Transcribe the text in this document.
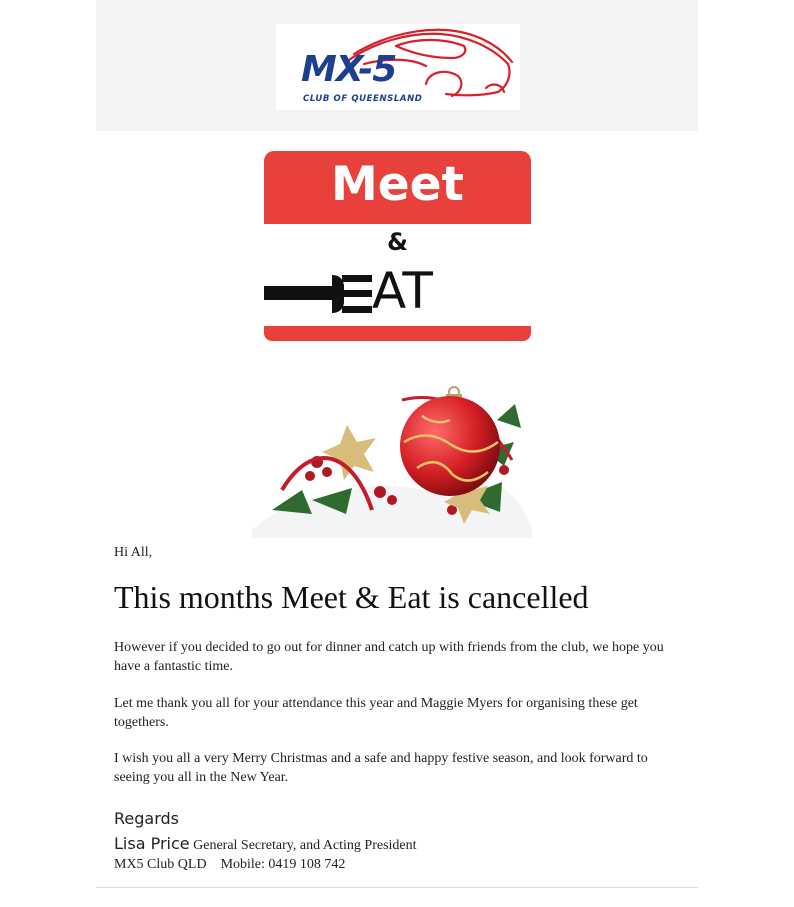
MX-5
CLUB OF QUEENSLAND
Meet
&
AT
Hi All,
This months Meet & Eat is cancelled
However if you decided to go out for dinner and catch up with friends from the club, we hope you have a fantastic time.
Let me thank you all for your attendance this year and Maggie Myers for organising these get togethers.
I wish you all a very Merry Christmas and a safe and happy festive season, and look forward to seeing you all in the New Year.
Regards
Lisa Price General Secretary, and Acting President
MX5 Club QLD Mobile: 0419 108 742
